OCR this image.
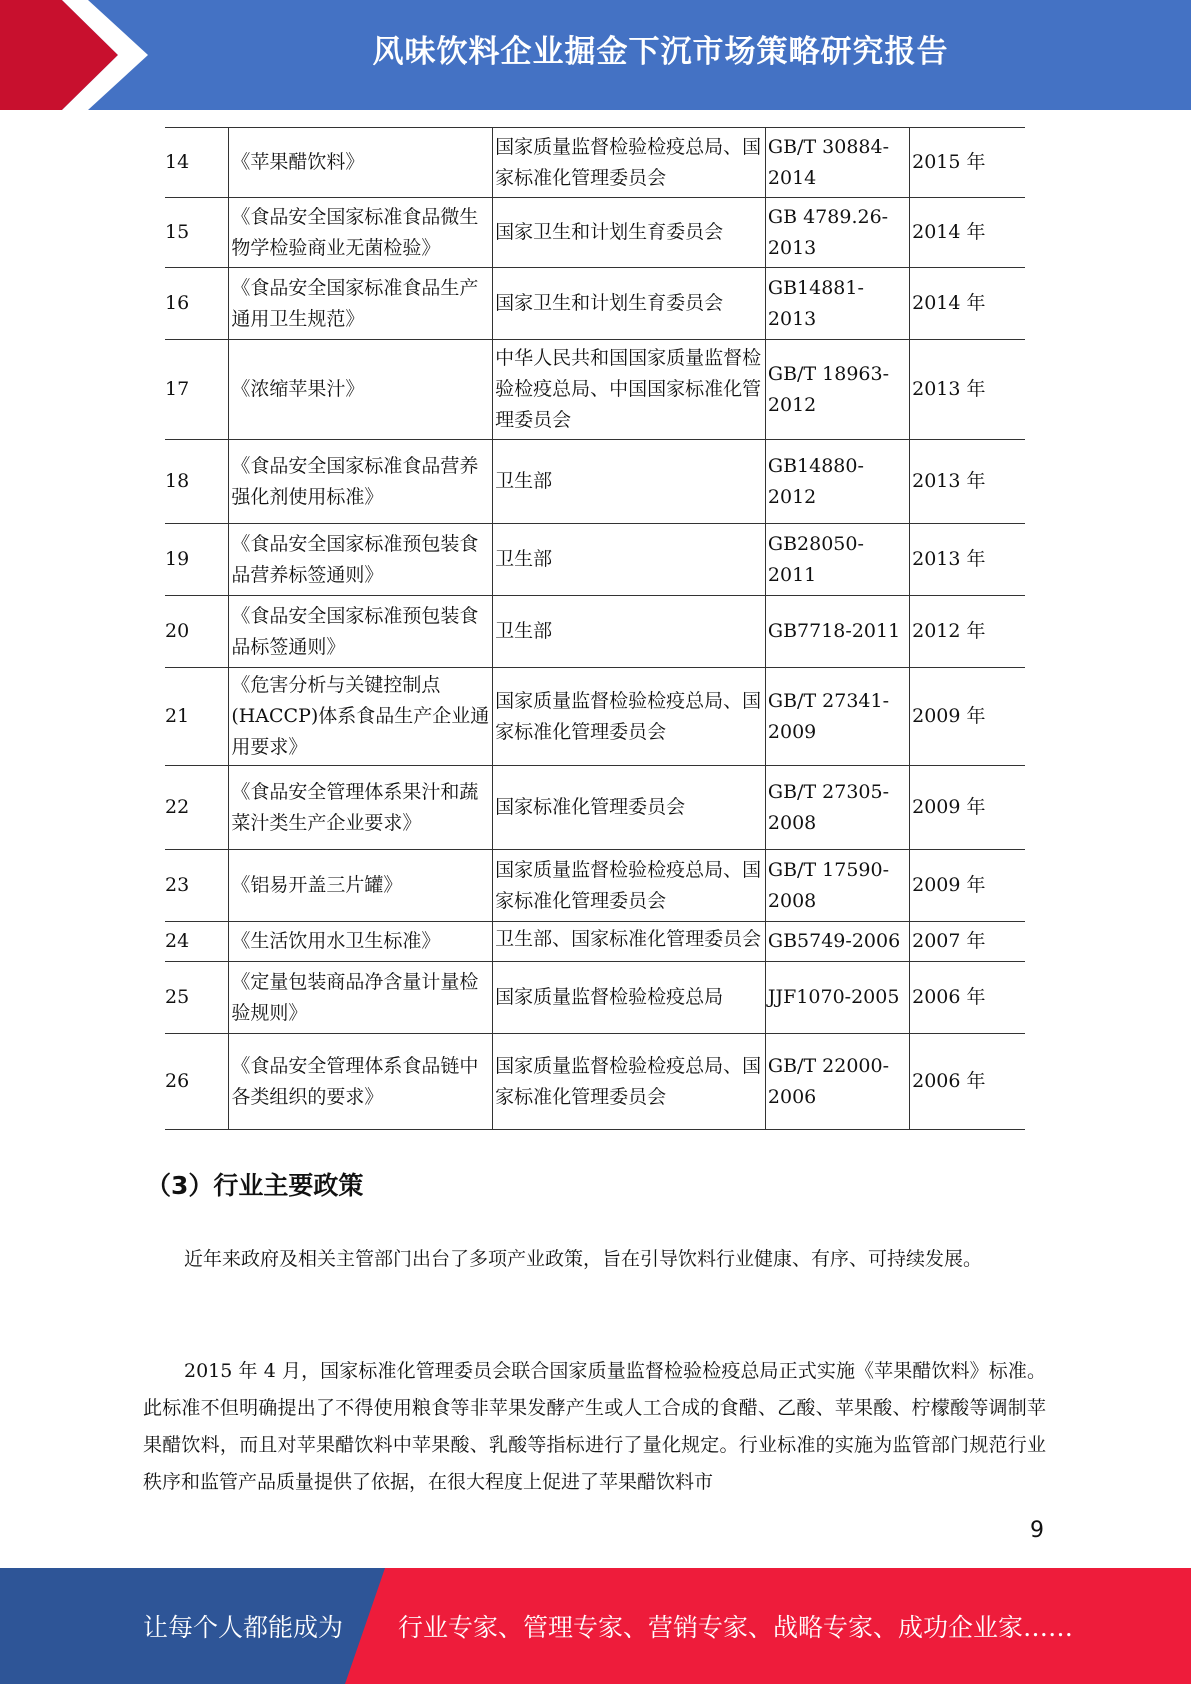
风味饮料企业掘金下沉市场策略研究报告
14	《苹果醋饮料》	国家质量监督检验检疫总局、国家标准化管理委员会	GB/T 30884-2014	2015 年
15	《食品安全国家标准食品微生物学检验商业无菌检验》	国家卫生和计划生育委员会	GB 4789.26-2013	2014 年
16	《食品安全国家标准食品生产通用卫生规范》	国家卫生和计划生育委员会	GB14881-2013	2014 年
17	《浓缩苹果汁》	中华人民共和国国家质量监督检验检疫总局、中国国家标准化管理委员会	GB/T 18963-2012	2013 年
18	《食品安全国家标准食品营养强化剂使用标准》	卫生部	GB14880-2012	2013 年
19	《食品安全国家标准预包装食品营养标签通则》	卫生部	GB28050-2011	2013 年
20	《食品安全国家标准预包装食品标签通则》	卫生部	GB7718-2011	2012 年
21	《危害分析与关键控制点(HACCP)体系食品生产企业通用要求》	国家质量监督检验检疫总局、国家标准化管理委员会	GB/T 27341-2009	2009 年
22	《食品安全管理体系果汁和蔬菜汁类生产企业要求》	国家标准化管理委员会	GB/T 27305-2008	2009 年
23	《铝易开盖三片罐》	国家质量监督检验检疫总局、国家标准化管理委员会	GB/T 17590-2008	2009 年
24	《生活饮用水卫生标准》	卫生部、国家标准化管理委员会	GB5749-2006	2007 年
25	《定量包装商品净含量计量检验规则》	国家质量监督检验检疫总局	JJF1070-2005	2006 年
26	《食品安全管理体系食品链中各类组织的要求》	国家质量监督检验检疫总局、国家标准化管理委员会	GB/T 22000-2006	2006 年
（3）行业主要政策
近年来政府及相关主管部门出台了多项产业政策，旨在引导饮料行业健康、有序、可持续发展。
2015 年 4 月，国家标准化管理委员会联合国家质量监督检验检疫总局正式实施《苹果醋饮料》标准。此标准不但明确提出了不得使用粮食等非苹果发酵产生或人工合成的食醋、乙酸、苹果酸、柠檬酸等调制苹果醋饮料，而且对苹果醋饮料中苹果酸、乳酸等指标进行了量化规定。行业标准的实施为监管部门规范行业秩序和监管产品质量提供了依据，在很大程度上促进了苹果醋饮料市
9
让每个人都能成为 行业专家、管理专家、营销专家、战略专家、成功企业家……
